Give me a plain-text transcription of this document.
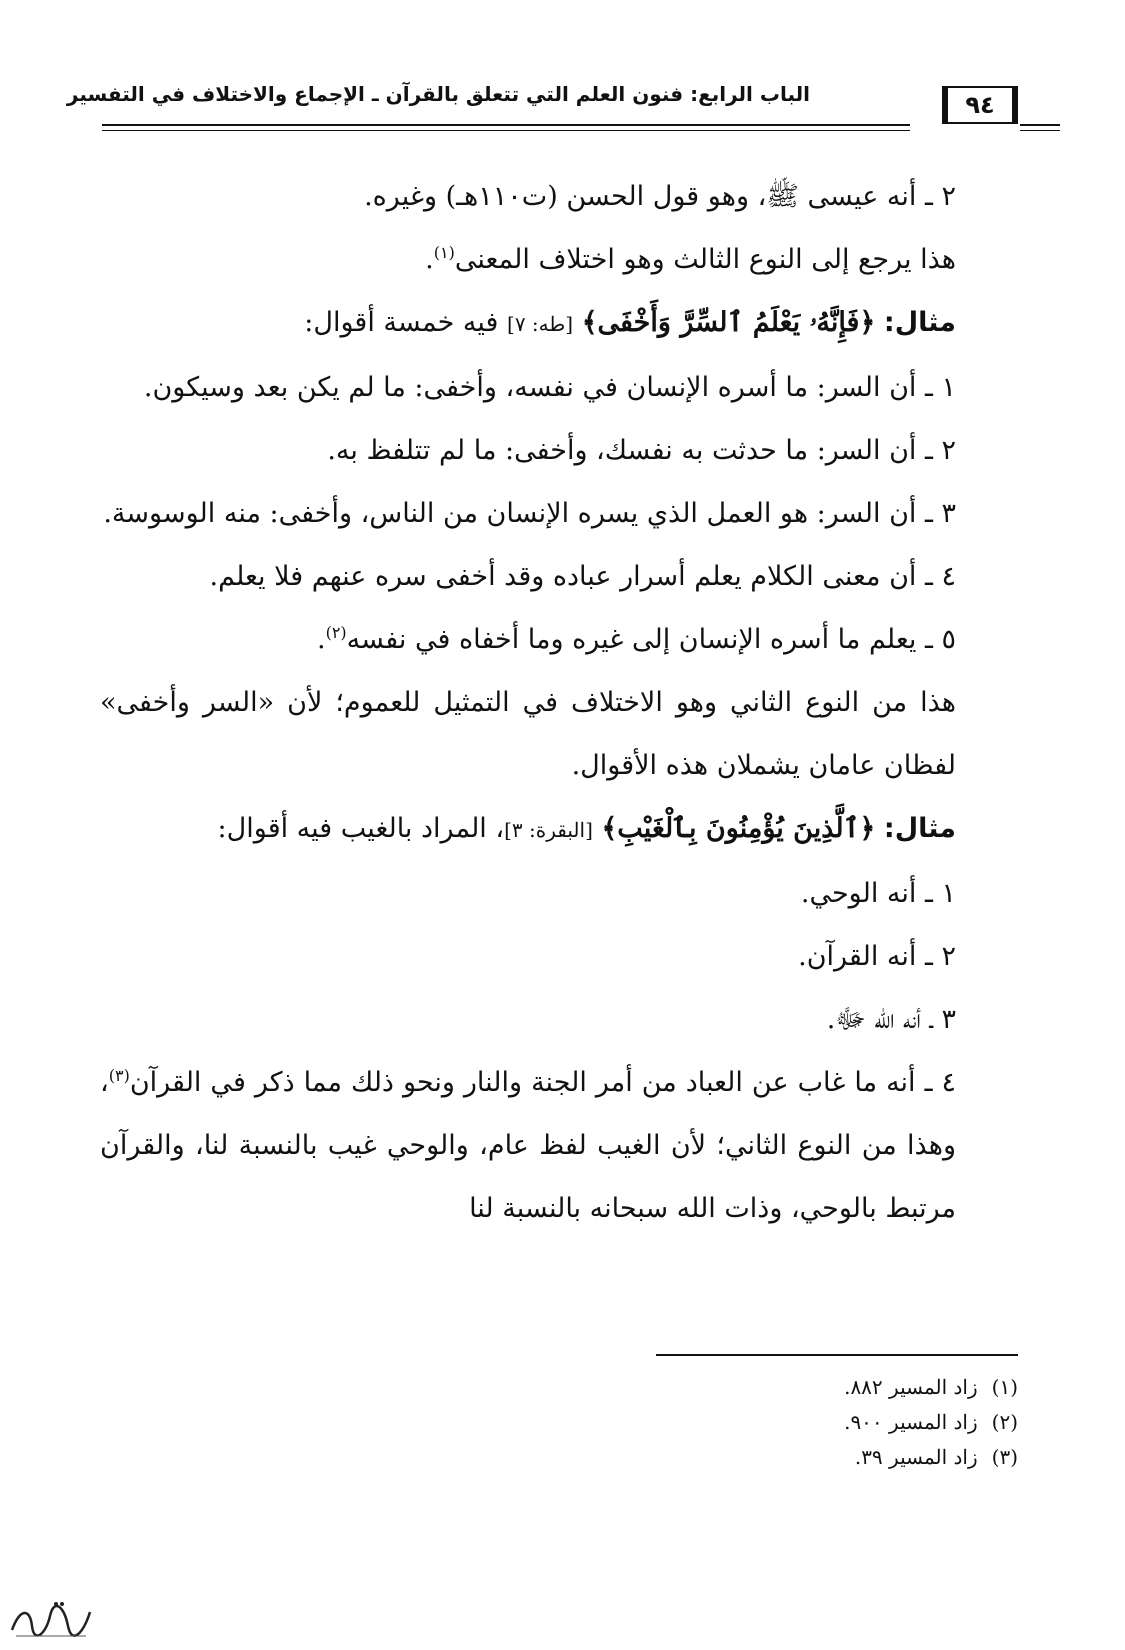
الباب الرابع: فنون العلم التي تتعلق بالقرآن ـ الإجماع والاختلاف في التفسير	٩٤

٢ ـ أنه عيسى ﷺ، وهو قول الحسن (ت١١٠هـ) وغيره.

هذا يرجع إلى النوع الثالث وهو اختلاف المعنى$^{(١)}$.

مثال: ﴿فَإِنَّهُۥ يَعْلَمُ ٱلسِّرَّ وَأَخْفَى﴾ [طه: ٧] فيه خمسة أقوال:

١ ـ أن السر: ما أسره الإنسان في نفسه، وأخفى: ما لم يكن بعد وسيكون.

٢ ـ أن السر: ما حدثت به نفسك، وأخفى: ما لم تتلفظ به.

٣ ـ أن السر: هو العمل الذي يسره الإنسان من الناس، وأخفى: منه الوسوسة.

٤ ـ أن معنى الكلام يعلم أسرار عباده وقد أخفى سره عنهم فلا يعلم.

٥ ـ يعلم ما أسره الإنسان إلى غيره وما أخفاه في نفسه$^{(٢)}$.

هذا من النوع الثاني وهو الاختلاف في التمثيل للعموم؛ لأن «السر وأخفى» لفظان عامان يشملان هذه الأقوال.

مثال: ﴿ٱلَّذِينَ يُؤْمِنُونَ بِٱلْغَيْبِ﴾ [البقرة: ٣]، المراد بالغيب فيه أقوال:

١ ـ أنه الوحي.

٢ ـ أنه القرآن.

٣ ـ أنه الله ﷻ.

٤ ـ أنه ما غاب عن العباد من أمر الجنة والنار ونحو ذلك مما ذكر في القرآن$^{(٣)}$، وهذا من النوع الثاني؛ لأن الغيب لفظ عام، والوحي غيب بالنسبة لنا، والقرآن مرتبط بالوحي، وذات الله سبحانه بالنسبة لنا

(١) زاد المسير ٨٨٢.
(٢) زاد المسير ٩٠٠.
(٣) زاد المسير ٣٩.
